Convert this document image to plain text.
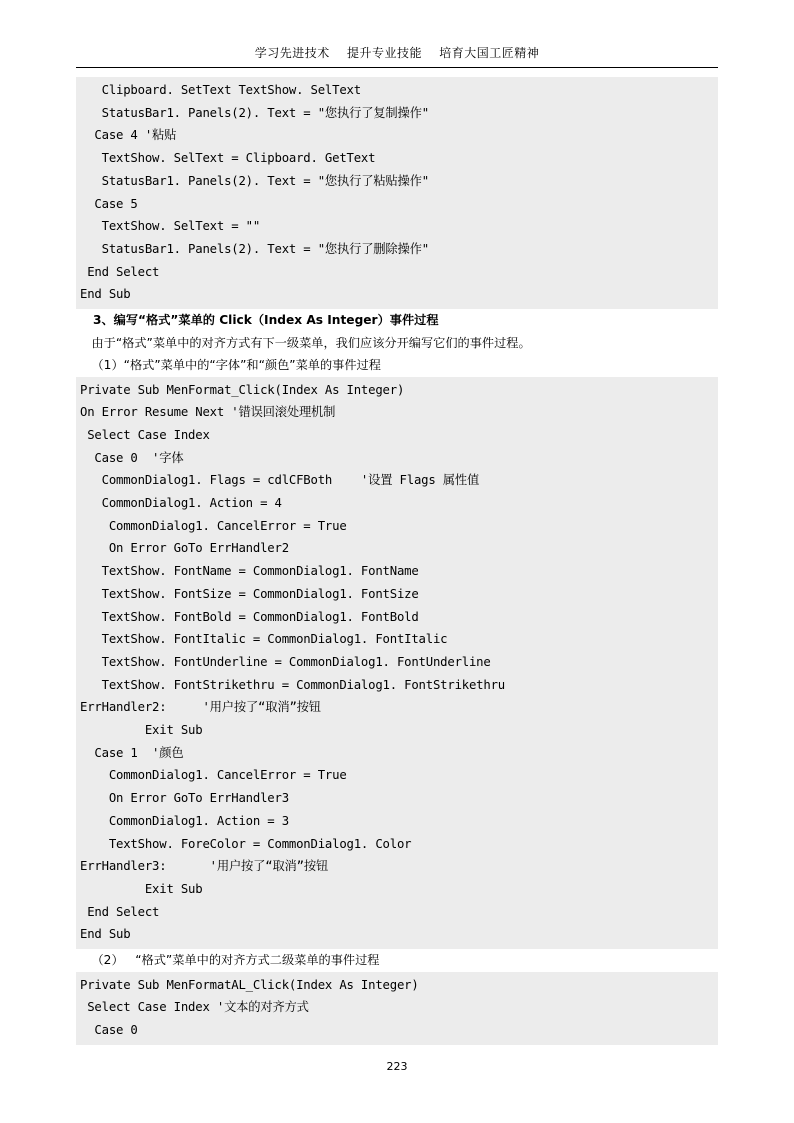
学习先进技术    提升专业技能    培育大国工匠精神
Clipboard. SetText TextShow. SelText
StatusBar1. Panels(2). Text = "您执行了复制操作"
Case 4 '粘贴
TextShow. SelText = Clipboard. GetText
StatusBar1. Panels(2). Text = "您执行了粘贴操作"
Case 5
TextShow. SelText = ""
StatusBar1. Panels(2). Text = "您执行了删除操作"
End Select
End Sub
3、编写“格式”菜单的 Click（Index As Integer）事件过程
由于“格式”菜单中的对齐方式有下一级菜单，我们应该分开编写它们的事件过程。
（1）“格式”菜单中的“字体”和“颜色”菜单的事件过程
Private Sub MenFormat_Click(Index As Integer)
On Error Resume Next '错误回滚处理机制
Select Case Index
Case 0  '字体
CommonDialog1. Flags = cdlCFBoth    '设置 Flags 属性值
CommonDialog1. Action = 4
CommonDialog1. CancelError = True
On Error GoTo ErrHandler2
TextShow. FontName = CommonDialog1. FontName
TextShow. FontSize = CommonDialog1. FontSize
TextShow. FontBold = CommonDialog1. FontBold
TextShow. FontItalic = CommonDialog1. FontItalic
TextShow. FontUnderline = CommonDialog1. FontUnderline
TextShow. FontStrikethru = CommonDialog1. FontStrikethru
ErrHandler2:     '用户按了“取消”按钮
Exit Sub
Case 1  '颜色
CommonDialog1. CancelError = True
On Error GoTo ErrHandler3
CommonDialog1. Action = 3
TextShow. ForeColor = CommonDialog1. Color
ErrHandler3:      '用户按了“取消”按钮
Exit Sub
End Select
End Sub
（2）   “格式”菜单中的对齐方式二级菜单的事件过程
Private Sub MenFormatAL_Click(Index As Integer)
Select Case Index '文本的对齐方式
Case 0
223
